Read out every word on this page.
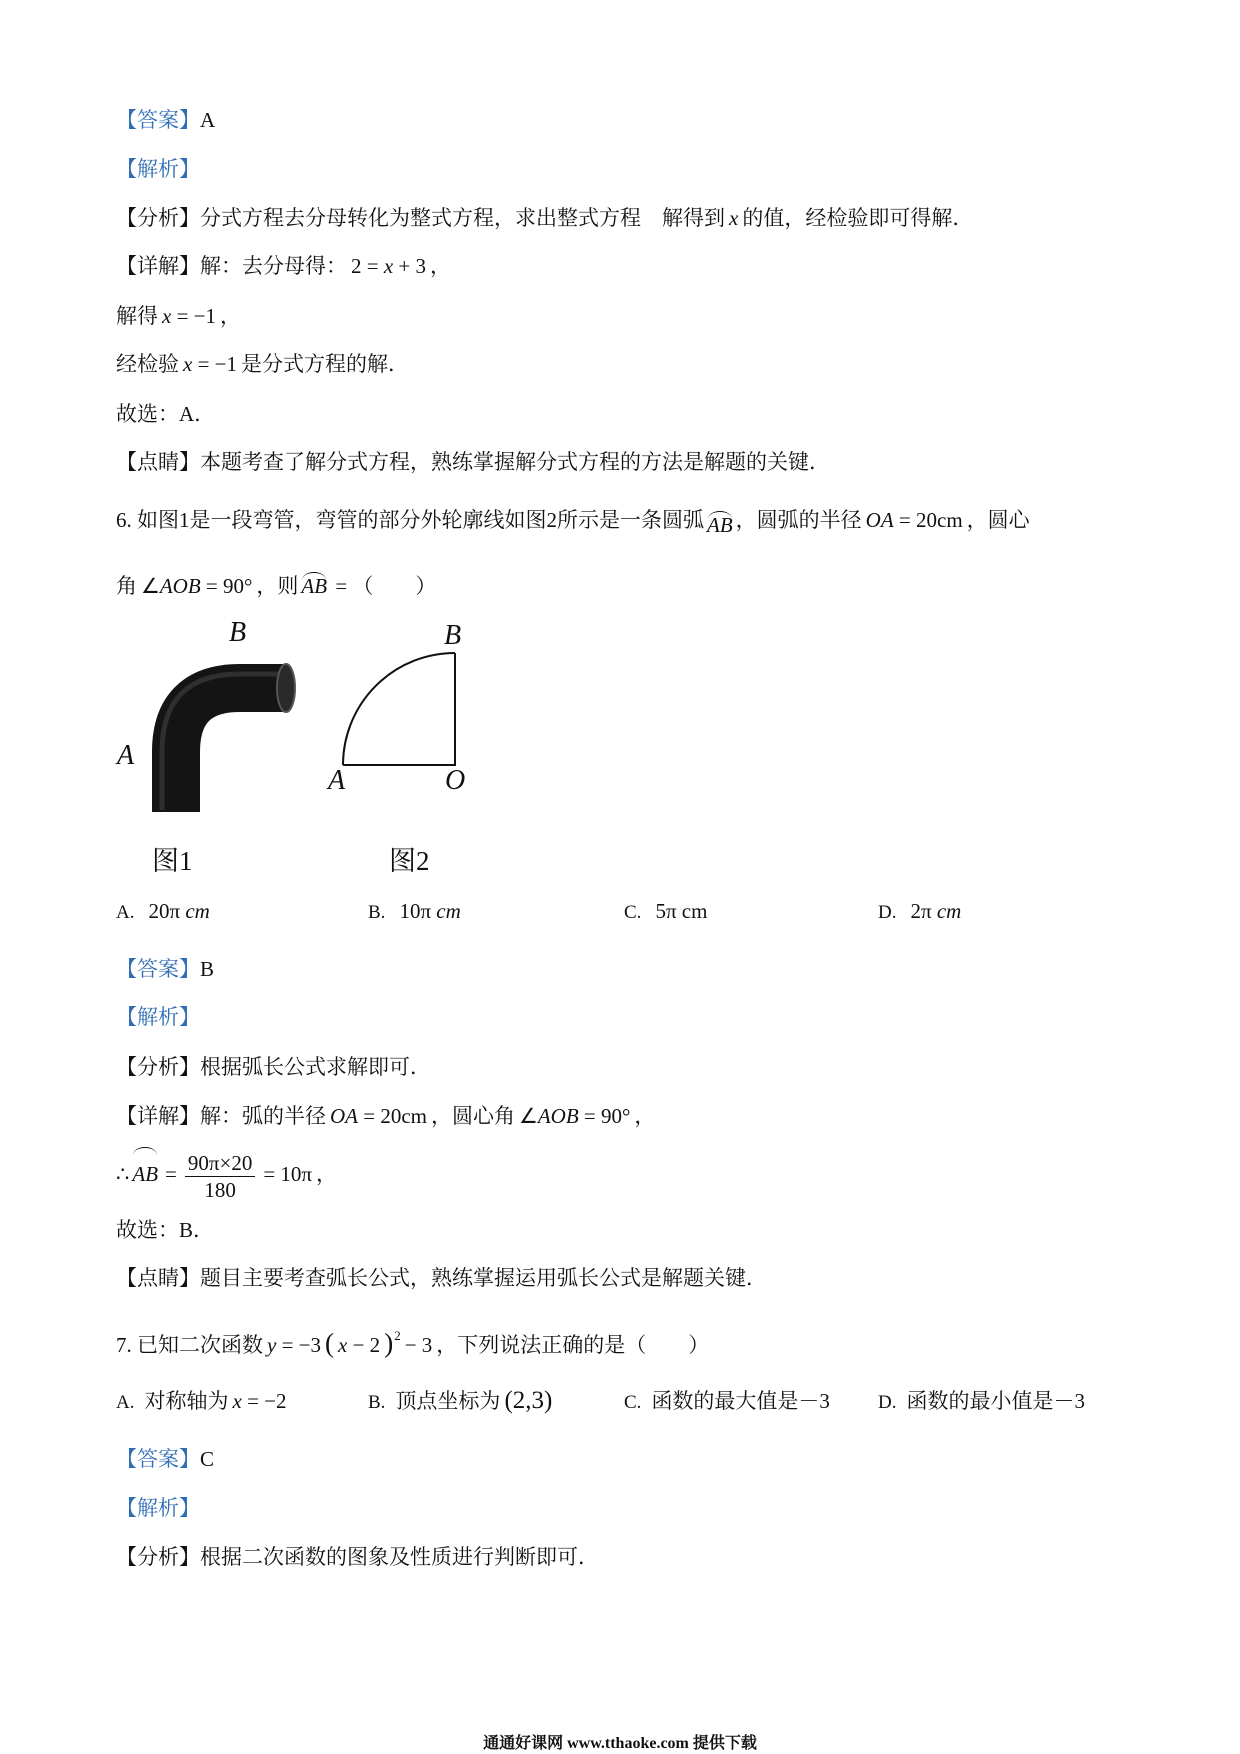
【答案】A
【解析】
【分析】分式方程去分母转化为整式方程，求出整式方程　解得到 x 的值，经检验即可得解．
【详解】解：去分母得： 2 = x + 3 ，
解得 x = −1 ，
经检验 x = −1 是分式方程的解．
故选：A．
【点睛】本题考查了解分式方程，熟练掌握解分式方程的方法是解题的关键．
6. 如图1是一段弯管，弯管的部分外轮廓线如图2所示是一条圆弧 AB ，圆弧的半径 OA = 20cm ，圆心
角 ∠AOB = 90° ，则 AB = （　　）
B
A
图1
B
A	O
图2
A. 20π cm	B. 10π cm	C. 5π cm	D. 2π cm
【答案】B
【解析】
【分析】根据弧长公式求解即可．
【详解】解：弧的半径 OA = 20cm ，圆心角 ∠AOB = 90° ，
∴ AB = $\frac{90\pi\times 20}{180} = 10\pi$ ，
故选：B．
【点睛】题目主要考查弧长公式，熟练掌握运用弧长公式是解题关键．
7. 已知二次函数 y = −3 ( x − 2 )$^2$ − 3 ，下列说法正确的是（　　）
A. 对称轴为 x = −2	B. 顶点坐标为 (2,3)	C. 函数的最大值是－3	D. 函数的最小值是－3
【答案】C
【解析】
【分析】根据二次函数的图象及性质进行判断即可．
通通好课网 www.tthaoke.com 提供下载
